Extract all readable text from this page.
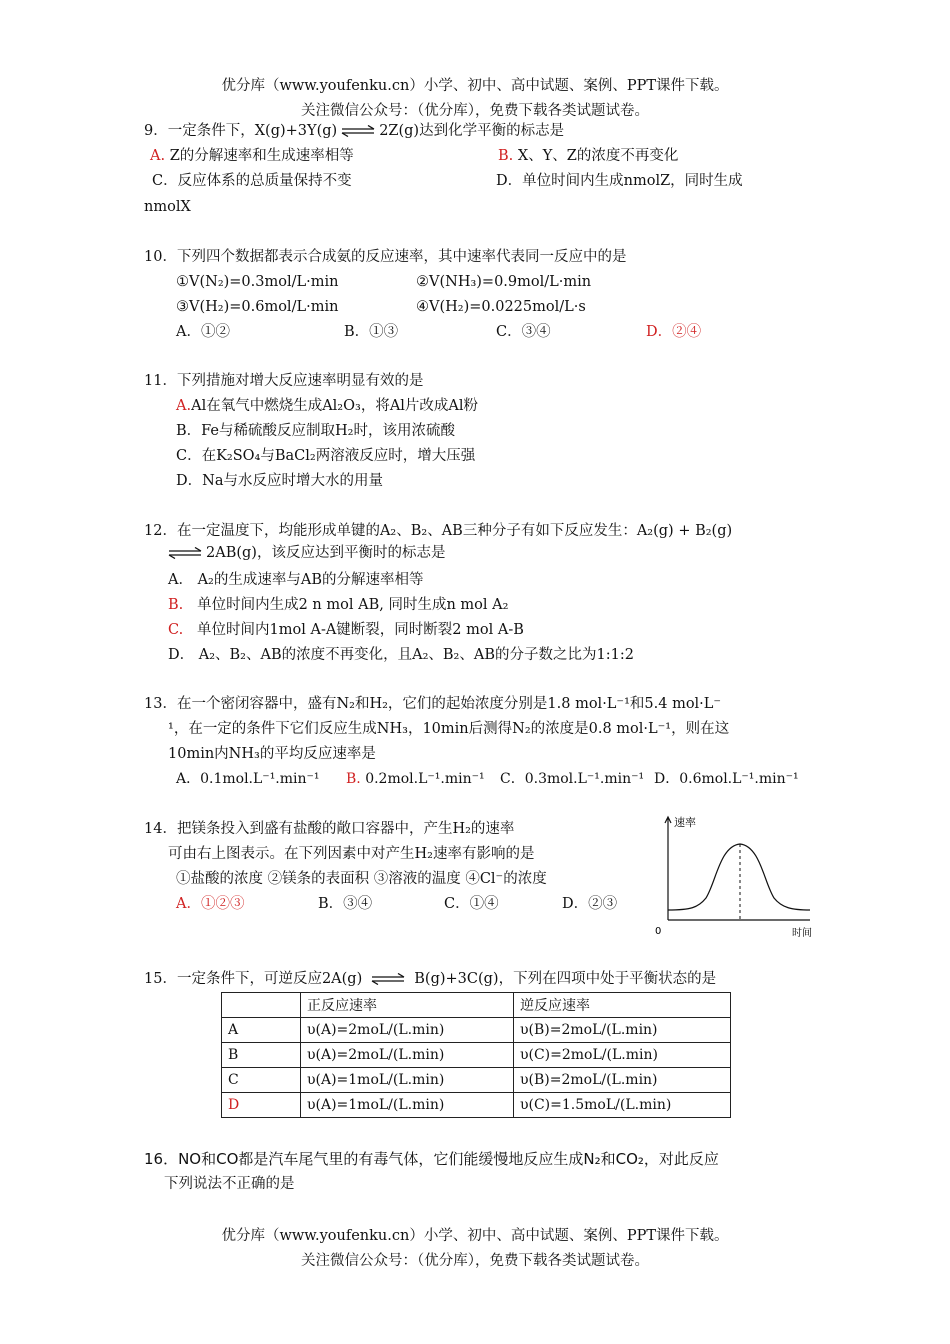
优分库（www.youfenku.cn）小学、初中、高中试题、案例、PPT课件下载。
关注微信公众号：（优分库），免费下载各类试题试卷。
9．一定条件下，X(g)+3Y(g) ⇌ 2Z(g)达到化学平衡的标志是
A. Z的分解速率和生成速率相等	B. X、Y、Z的浓度不再变化
C．反应体系的总质量保持不变	D．单位时间内生成nmolZ，同时生成
nmolX
10．下列四个数据都表示合成氨的反应速率，其中速率代表同一反应中的是
①V(N₂)=0.3mol/L·min	②V(NH₃)=0.9mol/L·min
③V(H₂)=0.6mol/L·min	④V(H₂)=0.0225mol/L·s
A．①②	B．①③	C．③④	D．②④
11．下列措施对增大反应速率明显有效的是
A.Al在氧气中燃烧生成Al₂O₃，将Al片改成Al粉
B．Fe与稀硫酸反应制取H₂时，该用浓硫酸
C．在K₂SO₄与BaCl₂两溶液反应时，增大压强
D．Na与水反应时增大水的用量
12．在一定温度下，均能形成单键的A₂、B₂、AB三种分子有如下反应发生：A₂(g) + B₂(g)
⇌ 2AB(g)，该反应达到平衡时的标志是
A． A₂的生成速率与AB的分解速率相等
B. 单位时间内生成2 n mol AB, 同时生成n mol A₂
C. 单位时间内1mol A-A键断裂，同时断裂2 mol A-B
D． A₂、B₂、AB的浓度不再变化，且A₂、B₂、AB的分子数之比为1:1:2
13．在一个密闭容器中，盛有N₂和H₂，它们的起始浓度分别是1.8 mol·L⁻¹和5.4 mol·L⁻
¹，在一定的条件下它们反应生成NH₃，10min后测得N₂的浓度是0.8 mol·L⁻¹，则在这
10min内NH₃的平均反应速率是
A．0.1mol.L⁻¹.min⁻¹ B. 0.2mol.L⁻¹.min⁻¹ C．0.3mol.L⁻¹.min⁻¹ D．0.6mol.L⁻¹.min⁻¹
14．把镁条投入到盛有盐酸的敞口容器中，产生H₂的速率
可由右上图表示。在下列因素中对产生H₂速率有影响的是
①盐酸的浓度 ②镁条的表面积 ③溶液的温度 ④Cl⁻的浓度
A．①②③	B．③④	C．①④	D．②③
速率
时间
0
15．一定条件下，可逆反应2A(g) ⇌ B(g)+3C(g)，下列在四项中处于平衡状态的是
	正反应速率	逆反应速率
A	υ(A)=2moL/(L.min)	υ(B)=2moL/(L.min)
B	υ(A)=2moL/(L.min)	υ(C)=2moL/(L.min)
C	υ(A)=1moL/(L.min)	υ(B)=2moL/(L.min)
D	υ(A)=1moL/(L.min)	υ(C)=1.5moL/(L.min)
16．NO和CO都是汽车尾气里的有毒气体，它们能缓慢地反应生成N₂和CO₂，对此反应
下列说法不正确的是
优分库（www.youfenku.cn）小学、初中、高中试题、案例、PPT课件下载。
关注微信公众号：（优分库），免费下载各类试题试卷。
